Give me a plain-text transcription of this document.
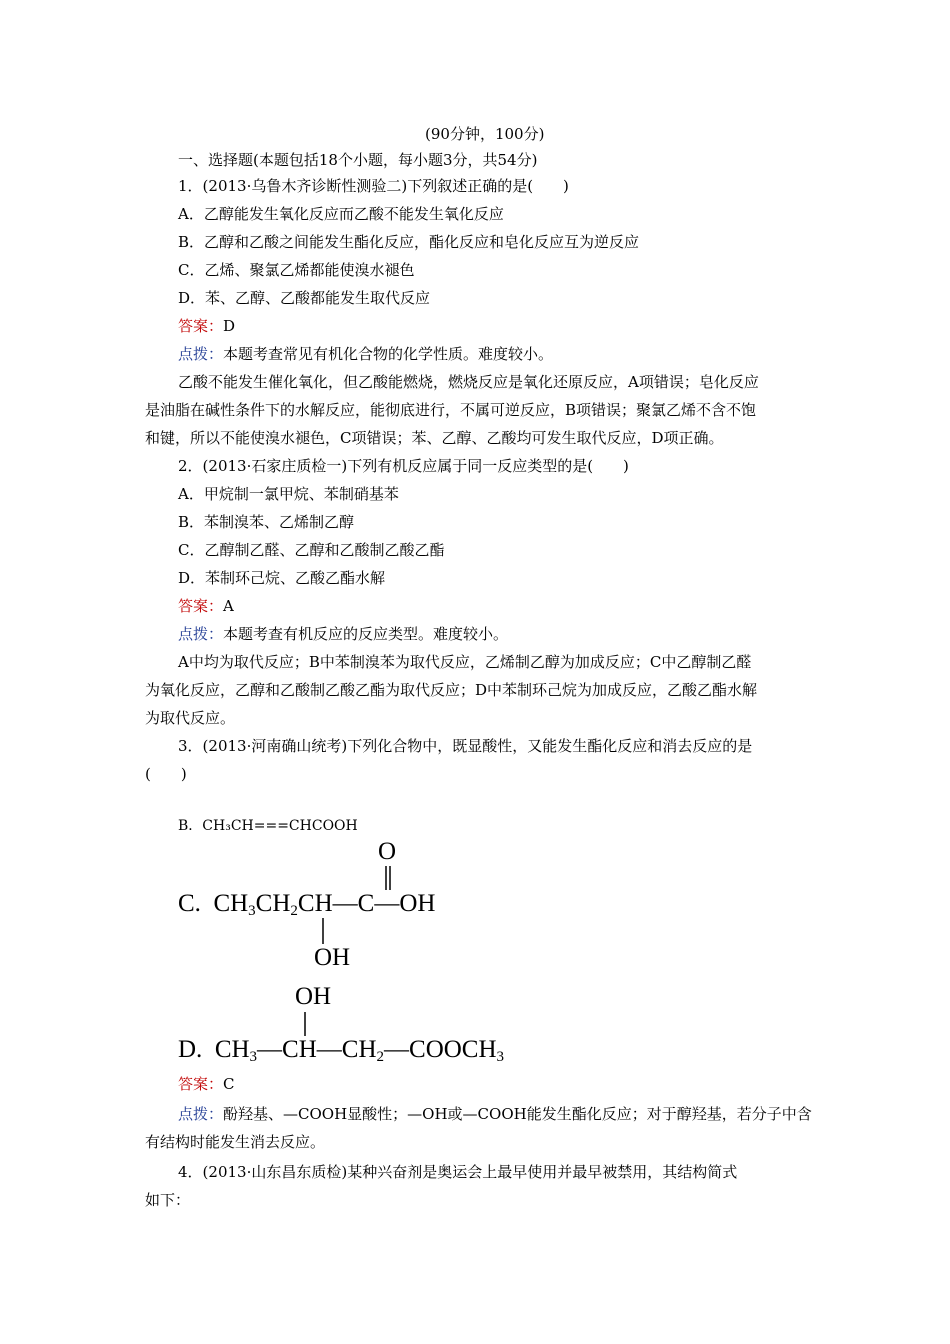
(90分钟，100分)
一、选择题(本题包括18个小题，每小题3分，共54分)
1．(2013·乌鲁木齐诊断性测验二)下列叙述正确的是(　　)
A．乙醇能发生氧化反应而乙酸不能发生氧化反应
B．乙醇和乙酸之间能发生酯化反应，酯化反应和皂化反应互为逆反应
C．乙烯、聚氯乙烯都能使溴水褪色
D．苯、乙醇、乙酸都能发生取代反应
答案：D
点拨：本题考查常见有机化合物的化学性质。难度较小。
乙酸不能发生催化氧化，但乙酸能燃烧，燃烧反应是氧化还原反应，A项错误；皂化反应
是油脂在碱性条件下的水解反应，能彻底进行，不属可逆反应，B项错误；聚氯乙烯不含不饱
和键，所以不能使溴水褪色，C项错误；苯、乙醇、乙酸均可发生取代反应，D项正确。
2．(2013·石家庄质检一)下列有机反应属于同一反应类型的是(　　)
A．甲烷制一氯甲烷、苯制硝基苯
B．苯制溴苯、乙烯制乙醇
C．乙醇制乙醛、乙醇和乙酸制乙酸乙酯
D．苯制环己烷、乙酸乙酯水解
答案：A
点拨：本题考查有机反应的反应类型。难度较小。
A中均为取代反应；B中苯制溴苯为取代反应，乙烯制乙醇为加成反应；C中乙醇制乙醛
为氧化反应，乙醇和乙酸制乙酸乙酯为取代反应；D中苯制环己烷为加成反应，乙酸乙酯水解
为取代反应。
3．(2013·河南确山统考)下列化合物中，既显酸性，又能发生酯化反应和消去反应的是
(　　)
B．CH₃CH===CHCOOH
O
C. $CH_3CH_2CH—C—OH$
OH
OH
D. $CH_3—CH—CH_2—COOCH_3$
答案：C
点拨：酚羟基、—COOH显酸性；—OH或—COOH能发生酯化反应；对于醇羟基，若分子中含
有结构时能发生消去反应。
4．(2013·山东昌东质检)某种兴奋剂是奥运会上最早使用并最早被禁用，其结构简式
如下：
